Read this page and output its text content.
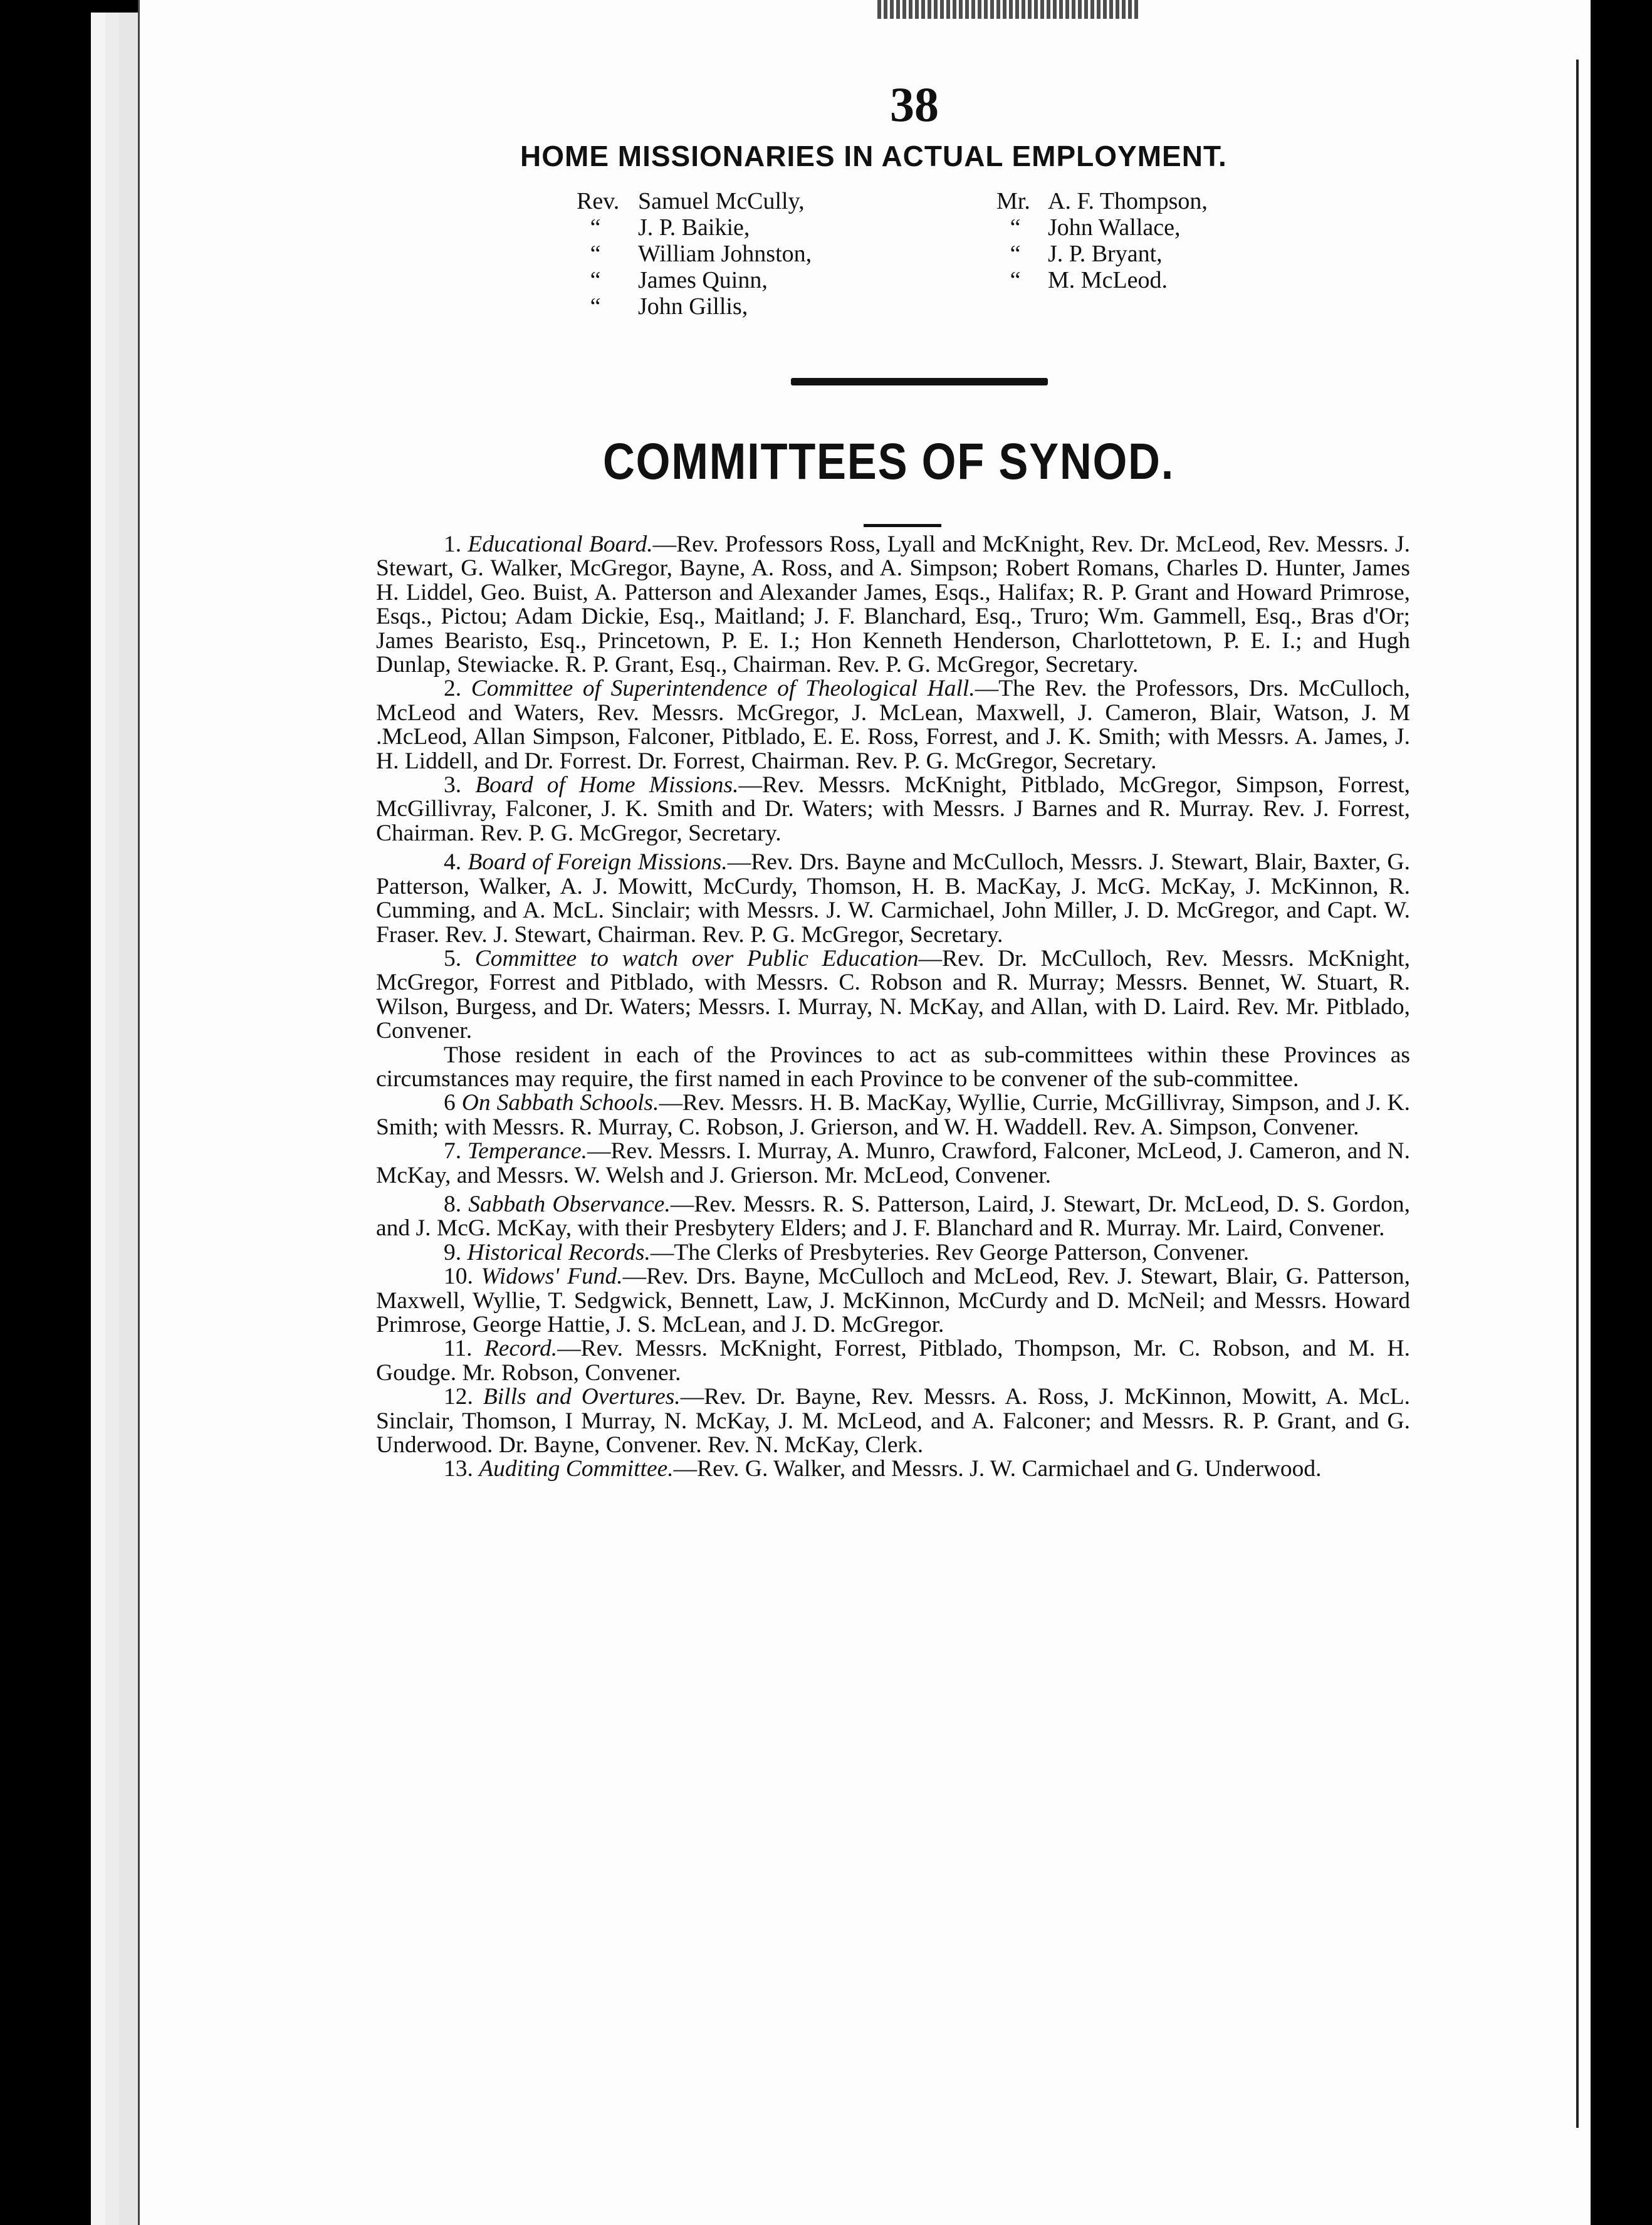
38
HOME MISSIONARIES IN ACTUAL EMPLOYMENT.
Rev. Samuel McCully,
“ J. P. Baikie,
“ William Johnston,
“ James Quinn,
“ John Gillis,
Mr. A. F. Thompson,
“ John Wallace,
“ J. P. Bryant,
“ M. McLeod.
COMMITTEES OF SYNOD.

1. Educational Board.—Rev. Professors Ross, Lyall and McKnight, Rev. Dr. McLeod, Rev. Messrs. J. Stewart, G. Walker, McGregor, Bayne, A. Ross, and A. Simpson; Robert Romans, Charles D. Hunter, James H. Liddel, Geo. Buist, A. Patterson and Alexander James, Esqs., Halifax; R. P. Grant and Howard Primrose, Esqs., Pictou; Adam Dickie, Esq., Maitland; J. F. Blanchard, Esq., Truro; Wm. Gammell, Esq., Bras d'Or; James Bearisto, Esq., Princetown, P. E. I.; Hon Kenneth Henderson, Charlottetown, P. E. I.; and Hugh Dunlap, Stewiacke. R. P. Grant, Esq., Chairman. Rev. P. G. McGregor, Secretary.

2. Committee of Superintendence of Theological Hall.—The Rev. the Professors, Drs. McCulloch, McLeod and Waters, Rev. Messrs. McGregor, J. McLean, Maxwell, J. Cameron, Blair, Watson, J. M .McLeod, Allan Simpson, Falconer, Pitblado, E. E. Ross, Forrest, and J. K. Smith; with Messrs. A. James, J. H. Liddell, and Dr. Forrest. Dr. Forrest, Chairman. Rev. P. G. McGregor, Secretary.

3. Board of Home Missions.—Rev. Messrs. McKnight, Pitblado, McGregor, Simpson, Forrest, McGillivray, Falconer, J. K. Smith and Dr. Waters; with Messrs. J Barnes and R. Murray. Rev. J. Forrest, Chairman. Rev. P. G. McGregor, Secretary.

4. Board of Foreign Missions.—Rev. Drs. Bayne and McCulloch, Messrs. J. Stewart, Blair, Baxter, G. Patterson, Walker, A. J. Mowitt, McCurdy, Thomson, H. B. MacKay, J. McG. McKay, J. McKinnon, R. Cumming, and A. McL. Sinclair; with Messrs. J. W. Carmichael, John Miller, J. D. McGregor, and Capt. W. Fraser. Rev. J. Stewart, Chairman. Rev. P. G. McGregor, Secretary.

5. Committee to watch over Public Education—Rev. Dr. McCulloch, Rev. Messrs. McKnight, McGregor, Forrest and Pitblado, with Messrs. C. Robson and R. Murray; Messrs. Bennet, W. Stuart, R. Wilson, Burgess, and Dr. Waters; Messrs. I. Murray, N. McKay, and Allan, with D. Laird. Rev. Mr. Pitblado, Convener.

Those resident in each of the Provinces to act as sub-committees within these Provinces as circumstances may require, the first named in each Province to be convener of the sub-committee.

6 On Sabbath Schools.—Rev. Messrs. H. B. MacKay, Wyllie, Currie, McGillivray, Simpson, and J. K. Smith; with Messrs. R. Murray, C. Robson, J. Grierson, and W. H. Waddell. Rev. A. Simpson, Convener.

7. Temperance.—Rev. Messrs. I. Murray, A. Munro, Crawford, Falconer, McLeod, J. Cameron, and N. McKay, and Messrs. W. Welsh and J. Grierson. Mr. McLeod, Convener.

8. Sabbath Observance.—Rev. Messrs. R. S. Patterson, Laird, J. Stewart, Dr. McLeod, D. S. Gordon, and J. McG. McKay, with their Presbytery Elders; and J. F. Blanchard and R. Murray. Mr. Laird, Convener.

9. Historical Records.—The Clerks of Presbyteries. Rev George Patterson, Convener.

10. Widows' Fund.—Rev. Drs. Bayne, McCulloch and McLeod, Rev. J. Stewart, Blair, G. Patterson, Maxwell, Wyllie, T. Sedgwick, Bennett, Law, J. McKinnon, McCurdy and D. McNeil; and Messrs. Howard Primrose, George Hattie, J. S. McLean, and J. D. McGregor.

11. Record.—Rev. Messrs. McKnight, Forrest, Pitblado, Thompson, Mr. C. Robson, and M. H. Goudge. Mr. Robson, Convener.

12. Bills and Overtures.—Rev. Dr. Bayne, Rev. Messrs. A. Ross, J. McKinnon, Mowitt, A. McL. Sinclair, Thomson, I Murray, N. McKay, J. M. McLeod, and A. Falconer; and Messrs. R. P. Grant, and G. Underwood. Dr. Bayne, Convener. Rev. N. McKay, Clerk.

13. Auditing Committee.—Rev. G. Walker, and Messrs. J. W. Carmichael and G. Underwood.
